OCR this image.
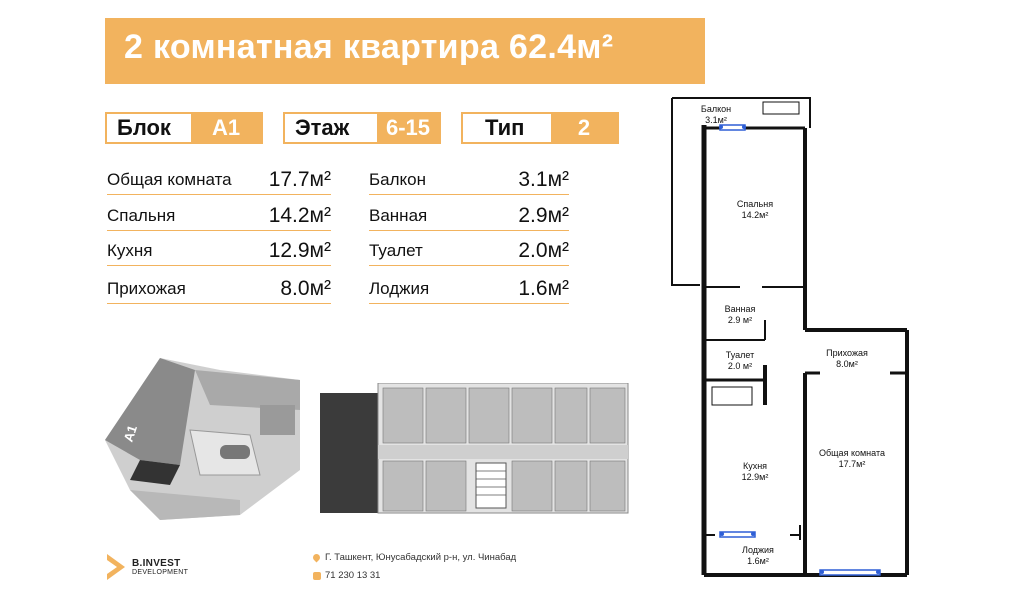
2 комнатная квартира 62.4м²
Блок	А1	Этаж	6-15	Тип	2
Общая комната 17.7м²
Спальня	14.2м²
Кухня	12.9м²
Прихожая	8.0м²
Балкон	3.1м²
Ванная	2.9м²
Туалет	2.0м²
Лоджия	1.6м²
А1
Балкон
3.1м²
Спальня
14.2м²
Ванная
2.9 м²
Туалет
2.0 м²
Прихожая
8.0м²
Кухня
12.9м²
Общая комната
17.7м²
Лоджия
1.6м²
B.INVEST
DEVELOPMENT
Г. Ташкент, Юнусабадский р-н, ул. Чинабад
71 230 13 31
